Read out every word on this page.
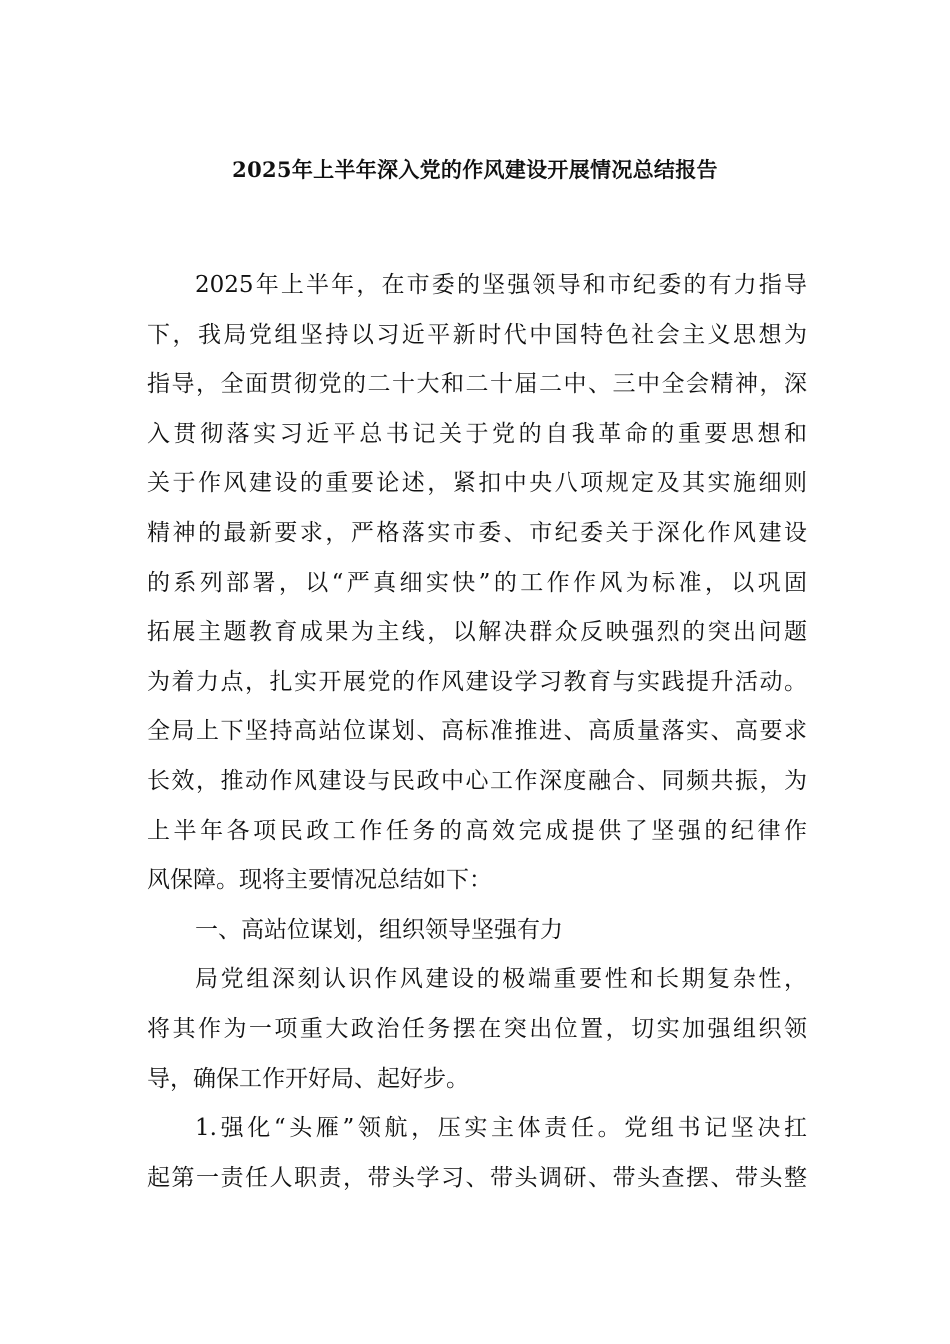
2025年上半年深入党的作风建设开展情况总结报告
2025年上半年，在市委的坚强领导和市纪委的有力指导
下，我局党组坚持以习近平新时代中国特色社会主义思想为
指导，全面贯彻党的二十大和二十届二中、三中全会精神，深
入贯彻落实习近平总书记关于党的自我革命的重要思想和
关于作风建设的重要论述，紧扣中央八项规定及其实施细则
精神的最新要求，严格落实市委、市纪委关于深化作风建设
的系列部署，以“严真细实快”的工作作风为标准，以巩固
拓展主题教育成果为主线，以解决群众反映强烈的突出问题
为着力点，扎实开展党的作风建设学习教育与实践提升活动。
全局上下坚持高站位谋划、高标准推进、高质量落实、高要求
长效，推动作风建设与民政中心工作深度融合、同频共振，为
上半年各项民政工作任务的高效完成提供了坚强的纪律作
风保障。现将主要情况总结如下：
一、高站位谋划，组织领导坚强有力
局党组深刻认识作风建设的极端重要性和长期复杂性，
将其作为一项重大政治任务摆在突出位置，切实加强组织领
导，确保工作开好局、起好步。
1.强化“头雁”领航，压实主体责任。党组书记坚决扛
起第一责任人职责，带头学习、带头调研、带头查摆、带头整
